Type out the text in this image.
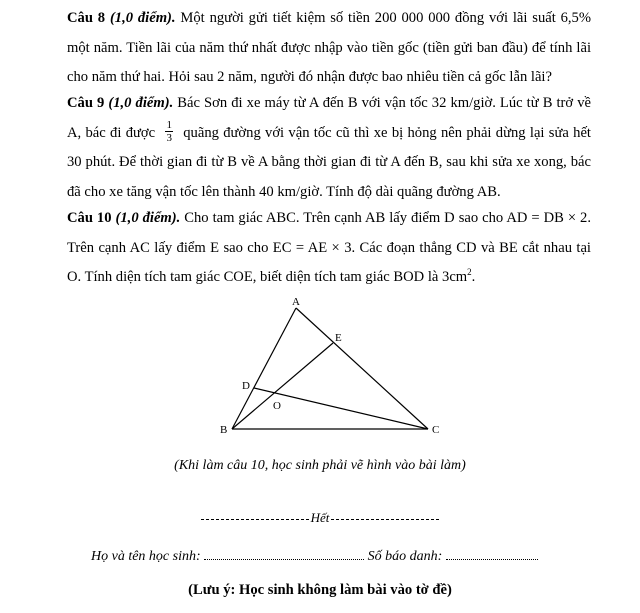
Câu 8 (1,0 điểm). Một người gửi tiết kiệm số tiền 200 000 000 đồng với lãi suất 6,5% một năm. Tiền lãi của năm thứ nhất được nhập vào tiền gốc (tiền gửi ban đầu) để tính lãi cho năm thứ hai. Hỏi sau 2 năm, người đó nhận được bao nhiêu tiền cả gốc lẫn lãi?
Câu 9 (1,0 điểm). Bác Sơn đi xe máy từ A đến B với vận tốc 32 km/giờ. Lúc từ B trở về A, bác đi được $\frac{1}{3}$ quãng đường với vận tốc cũ thì xe bị hỏng nên phải dừng lại sửa hết 30 phút. Để thời gian đi từ B về A bằng thời gian đi từ A đến B, sau khi sửa xe xong, bác đã cho xe tăng vận tốc lên thành 40 km/giờ. Tính độ dài quãng đường AB.
Câu 10 (1,0 điểm). Cho tam giác ABC. Trên cạnh AB lấy điểm D sao cho AD = DB × 2. Trên cạnh AC lấy điểm E sao cho EC = AE × 3. Các đoạn thẳng CD và BE cắt nhau tại O. Tính diện tích tam giác COE, biết diện tích tam giác BOD là $3cm^2$.
A
B	C
D
E
O
(Khi làm câu 10, học sinh phải vẽ hình vào bài làm)
Hết
Họ và tên học sinh:	Số báo danh:
(Lưu ý: Học sinh không làm bài vào tờ đề)
